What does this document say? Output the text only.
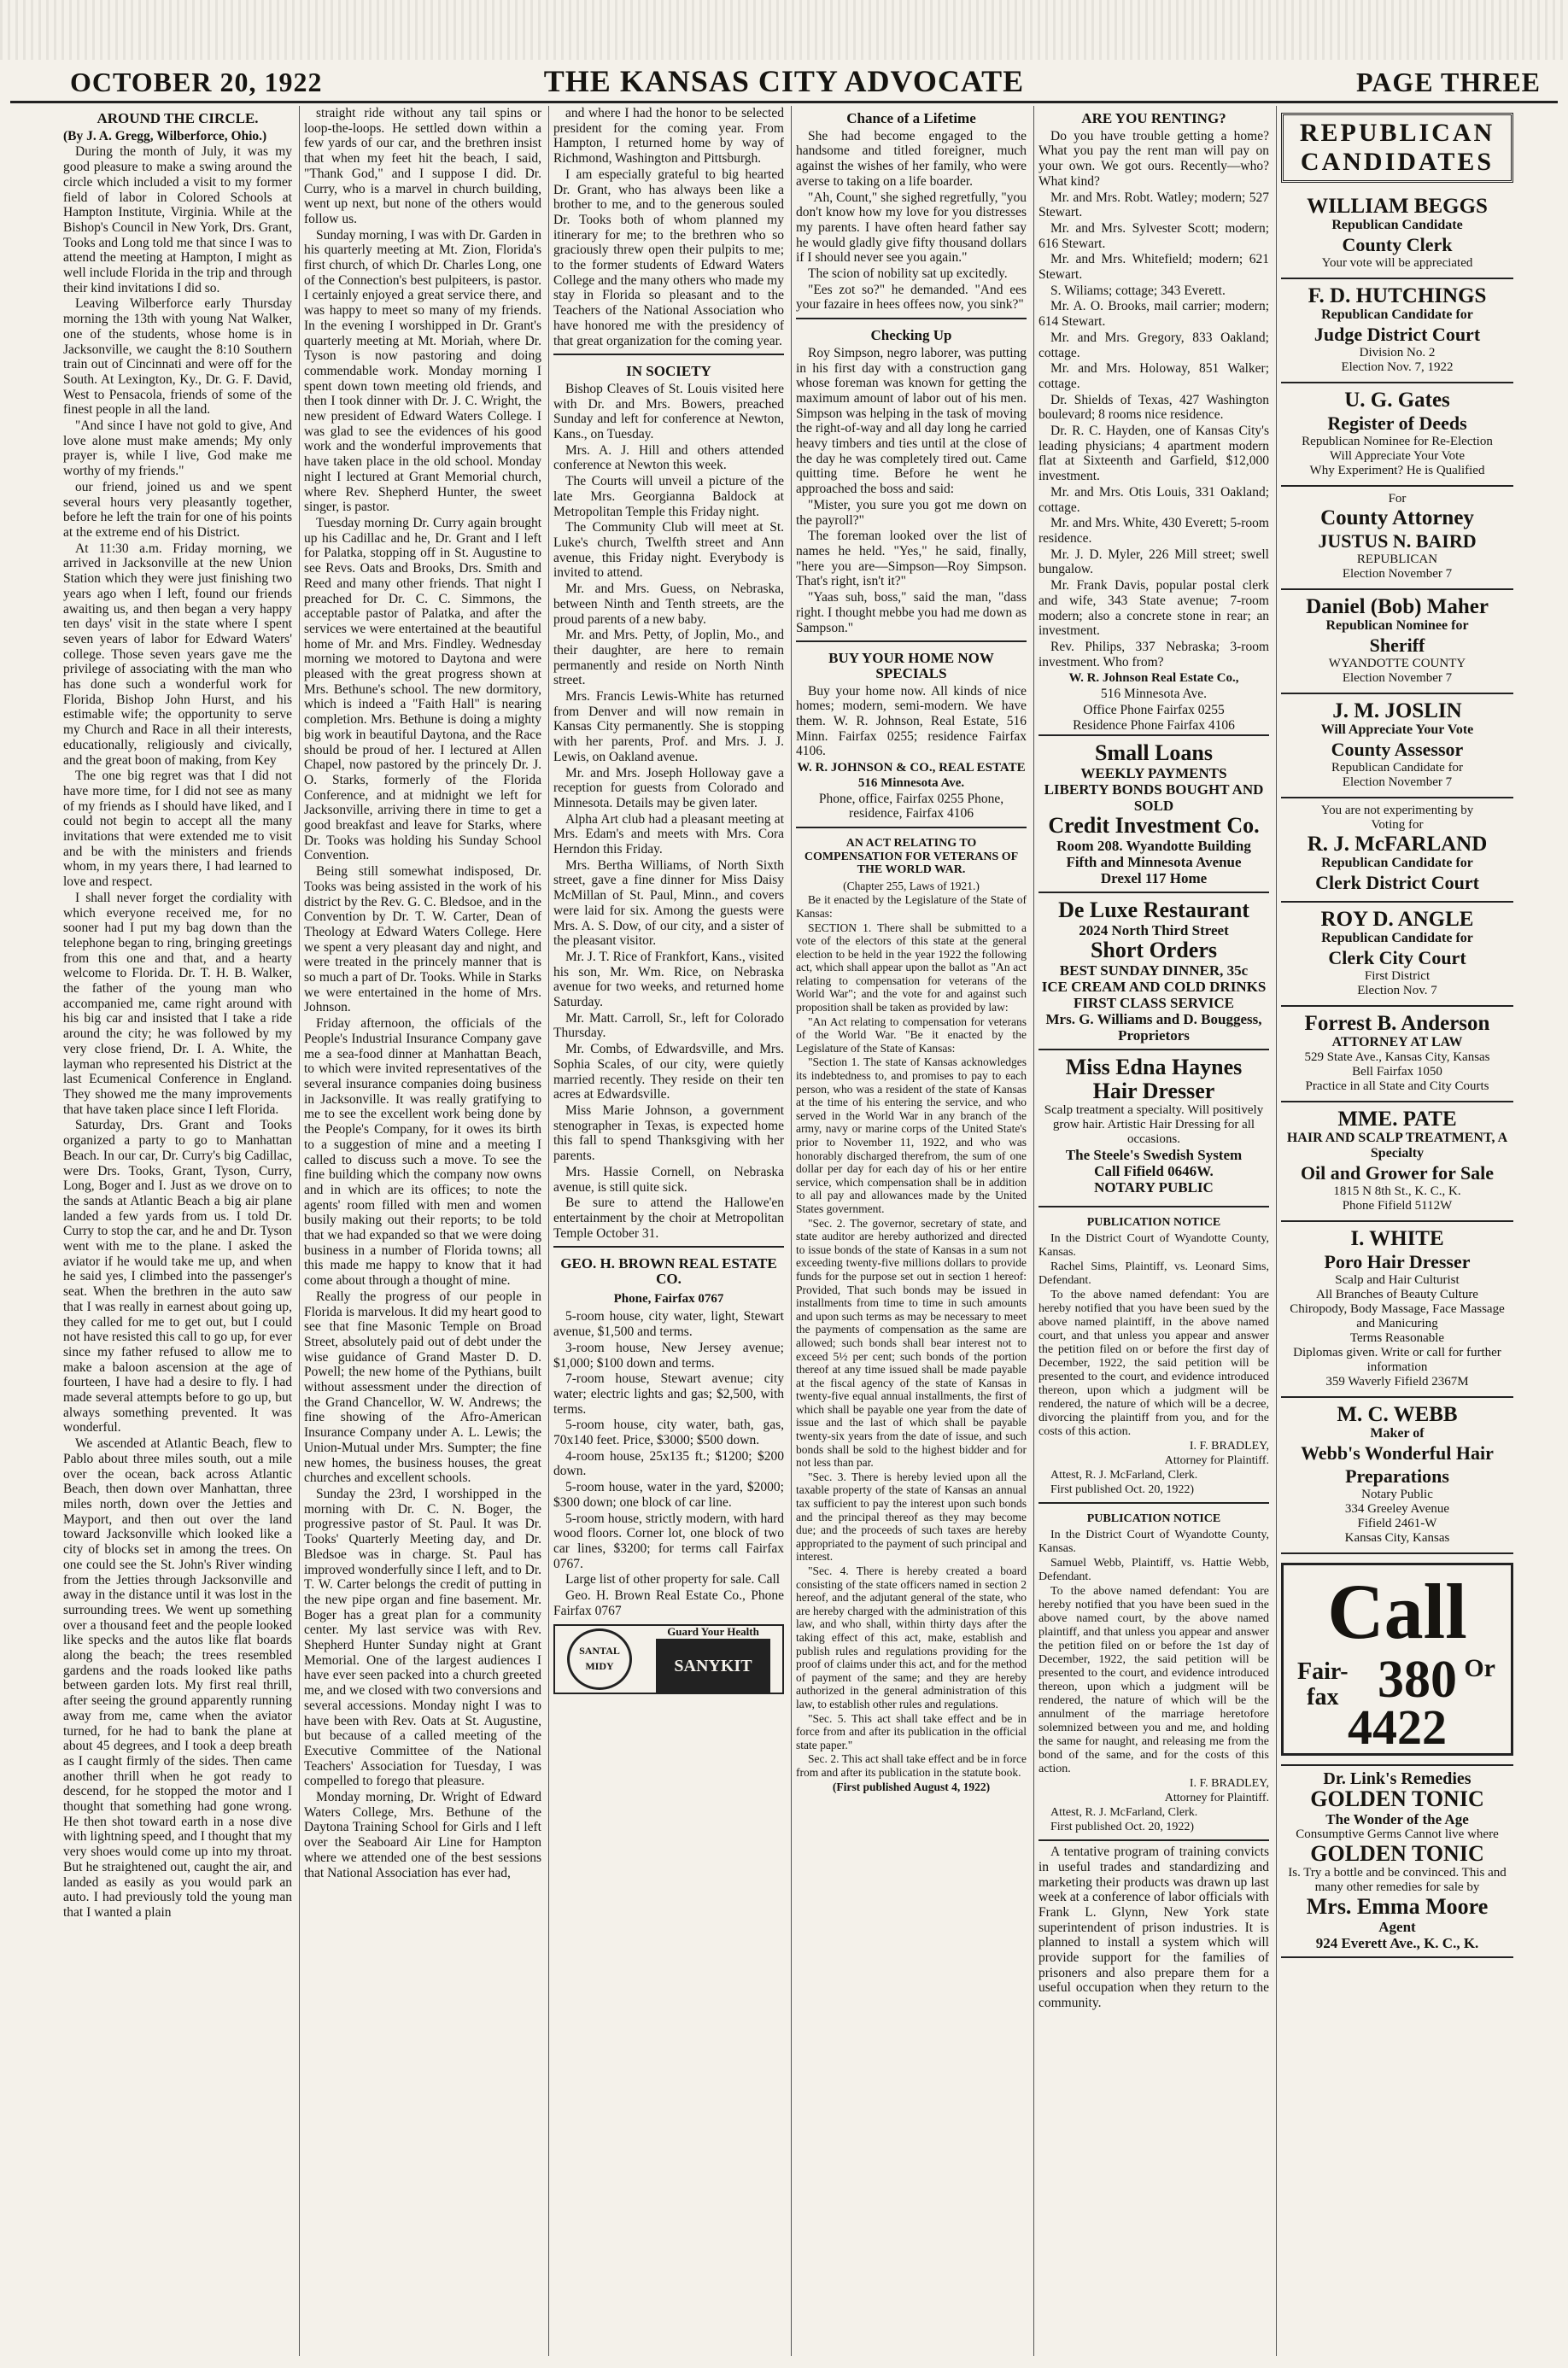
OCTOBER 20, 1922	THE KANSAS CITY ADVOCATE	PAGE THREE

AROUND THE CIRCLE.

(By J. A. Gregg, Wilberforce, Ohio.)

During the month of July, it was my good pleasure to make a swing around the circle which included a visit to my former field of labor in Colored Schools at Hampton Institute, Virginia. While at the Bishop's Council in New York, Drs. Grant, Tooks and Long told me that since I was to attend the meeting at Hampton, I might as well include Florida in the trip and through their kind invitations I did so.

Leaving Wilberforce early Thursday morning the 13th with young Nat Walker, one of the students, whose home is in Jacksonville, we caught the 8:10 Southern train out of Cincinnati and were off for the South. At Lexington, Ky., Dr. G. F. David, West to Pensacola, friends of some of the finest people in all the land.

"And since I have not gold to give, And love alone must make amends; My only prayer is, while I live, God make me worthy of my friends."

our friend, joined us and we spent several hours very pleasantly together, before he left the train for one of his points at the extreme end of his District.

At 11:30 a.m. Friday morning, we arrived in Jacksonville at the new Union Station which they were just finishing two years ago when I left, found our friends awaiting us, and then began a very happy ten days' visit in the state where I spent seven years of labor for Edward Waters' college. Those seven years gave me the privilege of associating with the man who has done such a wonderful work for Florida, Bishop John Hurst, and his estimable wife; the opportunity to serve my Church and Race in all their interests, educationally, religiously and civically, and the great boon of making, from Key

The one big regret was that I did not have more time, for I did not see as many of my friends as I should have liked, and I could not begin to accept all the many invitations that were extended me to visit and be with the ministers and friends whom, in my years there, I had learned to love and respect.

I shall never forget the cordiality with which everyone received me, for no sooner had I put my bag down than the telephone began to ring, bringing greetings from this one and that, and a hearty welcome to Florida. Dr. T. H. B. Walker, the father of the young man who accompanied me, came right around with his big car and insisted that I take a ride around the city; he was followed by my very close friend, Dr. I. A. White, the layman who represented his District at the last Ecumenical Conference in England. They showed me the many improvements that have taken place since I left Florida.

Saturday, Drs. Grant and Tooks organized a party to go to Manhattan Beach. In our car, Dr. Curry's big Cadillac, were Drs. Tooks, Grant, Tyson, Curry, Long, Boger and I. Just as we drove on to the sands at Atlantic Beach a big air plane landed a few yards from us. I told Dr. Curry to stop the car, and he and Dr. Tyson went with me to the plane. I asked the aviator if he would take me up, and when he said yes, I climbed into the passenger's seat. When the brethren in the auto saw that I was really in earnest about going up, they called for me to get out, but I could not have resisted this call to go up, for ever since my father refused to allow me to make a baloon ascension at the age of fourteen, I have had a desire to fly. I had made several attempts before to go up, but always something prevented. It was wonderful.

We ascended at Atlantic Beach, flew to Pablo about three miles south, out a mile over the ocean, back across Atlantic Beach, then down over Manhattan, three miles north, down over the Jetties and Mayport, and then out over the land toward Jacksonville which looked like a city of blocks set in among the trees. On one could see the St. John's River winding from the Jetties through Jacksonville and away in the distance until it was lost in the surrounding trees. We went up something over a thousand feet and the people looked like specks and the autos like flat boards along the beach; the trees resembled gardens and the roads looked like paths between garden lots. My first real thrill, after seeing the ground apparently running away from me, came when the aviator turned, for he had to bank the plane at about 45 degrees, and I took a deep breath as I caught firmly of the sides. Then came another thrill when he got ready to descend, for he stopped the motor and I thought that something had gone wrong. He then shot toward earth in a nose dive with lightning speed, and I thought that my very shoes would come up into my throat. But he straightened out, caught the air, and landed as easily as you would park an auto. I had previously told the young man that I wanted a plain

straight ride without any tail spins or loop-the-loops. He settled down within a few yards of our car, and the brethren insist that when my feet hit the beach, I said, "Thank God," and I suppose I did. Dr. Curry, who is a marvel in church building, went up next, but none of the others would follow us.

Sunday morning, I was with Dr. Garden in his quarterly meeting at Mt. Zion, Florida's first church, of which Dr. Charles Long, one of the Connection's best pulpiteers, is pastor. I certainly enjoyed a great service there, and was happy to meet so many of my friends. In the evening I worshipped in Dr. Grant's quarterly meeting at Mt. Moriah, where Dr. Tyson is now pastoring and doing commendable work. Monday morning I spent down town meeting old friends, and then I took dinner with Dr. J. C. Wright, the new president of Edward Waters College. I was glad to see the evidences of his good work and the wonderful improvements that have taken place in the old school. Monday night I lectured at Grant Memorial church, where Rev. Shepherd Hunter, the sweet singer, is pastor.

Tuesday morning Dr. Curry again brought up his Cadillac and he, Dr. Grant and I left for Palatka, stopping off in St. Augustine to see Revs. Oats and Brooks, Drs. Smith and Reed and many other friends. That night I preached for Dr. C. C. Simmons, the acceptable pastor of Palatka, and after the services we were entertained at the beautiful home of Mr. and Mrs. Findley. Wednesday morning we motored to Daytona and were pleased with the great progress shown at Mrs. Bethune's school. The new dormitory, which is indeed a "Faith Hall" is nearing completion. Mrs. Bethune is doing a mighty big work in beautiful Daytona, and the Race should be proud of her. I lectured at Allen Chapel, now pastored by the princely Dr. J. O. Starks, formerly of the Florida Conference, and at midnight we left for Jacksonville, arriving there in time to get a good breakfast and leave for Starks, where Dr. Tooks was holding his Sunday School Convention.

Being still somewhat indisposed, Dr. Tooks was being assisted in the work of his district by the Rev. G. C. Bledsoe, and in the Convention by Dr. T. W. Carter, Dean of Theology at Edward Waters College. Here we spent a very pleasant day and night, and were treated in the princely manner that is so much a part of Dr. Tooks. While in Starks we were entertained in the home of Mrs. Johnson.

Friday afternoon, the officials of the People's Industrial Insurance Company gave me a sea-food dinner at Manhattan Beach, to which were invited representatives of the several insurance companies doing business in Jacksonville. It was really gratifying to me to see the excellent work being done by the People's Company, for it owes its birth to a suggestion of mine and a meeting I called to discuss such a move. To see the fine building which the company now owns and in which are its offices; to note the agents' room filled with men and women busily making out their reports; to be told that we had expanded so that we were doing business in a number of Florida towns; all this made me happy to know that it had come about through a thought of mine.

Really the progress of our people in Florida is marvelous. It did my heart good to see that fine Masonic Temple on Broad Street, absolutely paid out of debt under the wise guidance of Grand Master D. D. Powell; the new home of the Pythians, built without assessment under the direction of the Grand Chancellor, W. W. Andrews; the fine showing of the Afro-American Insurance Company under A. L. Lewis; the Union-Mutual under Mrs. Sumpter; the fine new homes, the business houses, the great churches and excellent schools.

Sunday the 23rd, I worshipped in the morning with Dr. C. N. Boger, the progressive pastor of St. Paul. It was Dr. Tooks' Quarterly Meeting day, and Dr. Bledsoe was in charge. St. Paul has improved wonderfully since I left, and to Dr. T. W. Carter belongs the credit of putting in the new pipe organ and fine basement. Mr. Boger has a great plan for a community center. My last service was with Rev. Shepherd Hunter Sunday night at Grant Memorial. One of the largest audiences I have ever seen packed into a church greeted me, and we closed with two conversions and several accessions. Monday night I was to have been with Rev. Oats at St. Augustine, but because of a called meeting of the Executive Committee of the National Teachers' Association for Tuesday, I was compelled to forego that pleasure.

Monday morning, Dr. Wright of Edward Waters College, Mrs. Bethune of the Daytona Training School for Girls and I left over the Seaboard Air Line for Hampton where we attended one of the best sessions that National Association has ever had,

and where I had the honor to be selected president for the coming year. From Hampton, I returned home by way of Richmond, Washington and Pittsburgh.

I am especially grateful to big hearted Dr. Grant, who has always been like a brother to me, and to the generous souled Dr. Tooks both of whom planned my itinerary for me; to the brethren who so graciously threw open their pulpits to me; to the former students of Edward Waters College and the many others who made my stay in Florida so pleasant and to the Teachers of the National Association who have honored me with the presidency of that great organization for the coming year.

IN SOCIETY

Bishop Cleaves of St. Louis visited here with Dr. and Mrs. Bowers, preached Sunday and left for conference at Newton, Kans., on Tuesday.

Mrs. A. J. Hill and others attended conference at Newton this week.

The Courts will unveil a picture of the late Mrs. Georgianna Baldock at Metropolitan Temple this Friday night.

The Community Club will meet at St. Luke's church, Twelfth street and Ann avenue, this Friday night. Everybody is invited to attend.

Mr. and Mrs. Guess, on Nebraska, between Ninth and Tenth streets, are the proud parents of a new baby.

Mr. and Mrs. Petty, of Joplin, Mo., and their daughter, are here to remain permanently and reside on North Ninth street.

Mrs. Francis Lewis-White has returned from Denver and will now remain in Kansas City permanently. She is stopping with her parents, Prof. and Mrs. J. J. Lewis, on Oakland avenue.

Mr. and Mrs. Joseph Holloway gave a reception for guests from Colorado and Minnesota. Details may be given later.

Alpha Art club had a pleasant meeting at Mrs. Edam's and meets with Mrs. Cora Herndon this Friday.

Mrs. Bertha Williams, of North Sixth street, gave a fine dinner for Miss Daisy McMillan of St. Paul, Minn., and covers were laid for six. Among the guests were Mrs. A. S. Dow, of our city, and a sister of the pleasant visitor.

Mr. J. T. Rice of Frankfort, Kans., visited his son, Mr. Wm. Rice, on Nebraska avenue for two weeks, and returned home Saturday.

Mr. Matt. Carroll, Sr., left for Colorado Thursday.

Mr. Combs, of Edwardsville, and Mrs. Sophia Scales, of our city, were quietly married recently. They reside on their ten acres at Edwardsville.

Miss Marie Johnson, a government stenographer in Texas, is expected home this fall to spend Thanksgiving with her parents.

Mrs. Hassie Cornell, on Nebraska avenue, is still quite sick.

Be sure to attend the Hallowe'en entertainment by the choir at Metropolitan Temple October 31.

GEO. H. BROWN REAL ESTATE CO.

Phone, Fairfax 0767

5-room house, city water, light, Stewart avenue, $1,500 and terms.

3-room house, New Jersey avenue; $1,000; $100 down and terms.

7-room house, Stewart avenue; city water; electric lights and gas; $2,500, with terms.

5-room house, city water, bath, gas, 70x140 feet. Price, $3000; $500 down.

4-room house, 25x135 ft.; $1200; $200 down.

5-room house, water in the yard, $2000; $300 down; one block of car line.

5-room house, strictly modern, with hard wood floors. Corner lot, one block of two car lines, $3200; for terms call Fairfax 0767.

Large list of other property for sale. Call

Geo. H. Brown Real Estate Co., Phone Fairfax 0767

SANTAL MIDY
Guard Your Health
SANYKIT

Chance of a Lifetime

She had become engaged to the handsome and titled foreigner, much against the wishes of her family, who were averse to taking on a life boarder.

"Ah, Count," she sighed regretfully, "you don't know how my love for you distresses my parents. I have often heard father say he would gladly give fifty thousand dollars if I should never see you again."

The scion of nobility sat up excitedly.

"Ees zot so?" he demanded. "And ees your fazaire in hees offees now, you sink?"

Checking Up

Roy Simpson, negro laborer, was putting in his first day with a construction gang whose foreman was known for getting the maximum amount of labor out of his men. Simpson was helping in the task of moving the right-of-way and all day long he carried heavy timbers and ties until at the close of the day he was completely tired out. Came quitting time. Before he went he approached the boss and said:

"Mister, you sure you got me down on the payroll?"

The foreman looked over the list of names he held. "Yes," he said, finally, "here you are—Simpson—Roy Simpson. That's right, isn't it?"

"Yaas suh, boss," said the man, "dass right. I thought mebbe you had me down as Sampson."

BUY YOUR HOME NOW SPECIALS

Buy your home now. All kinds of nice homes; modern, semi-modern. We have them. W. R. Johnson, Real Estate, 516 Minn. Fairfax 0255; residence Fairfax 4106.

W. R. JOHNSON & CO., REAL ESTATE

516 Minnesota Ave.

Phone, office, Fairfax 0255 Phone, residence, Fairfax 4106

AN ACT RELATING TO COMPENSATION FOR VETERANS OF THE WORLD WAR.

(Chapter 255, Laws of 1921.)

Be it enacted by the Legislature of the State of Kansas:

SECTION 1. There shall be submitted to a vote of the electors of this state at the general election to be held in the year 1922 the following act, which shall appear upon the ballot as "An act relating to compensation for veterans of the World War"; and the vote for and against such proposition shall be taken as provided by law:

"An Act relating to compensation for veterans of the World War. "Be it enacted by the Legislature of the State of Kansas:

"Section 1. The state of Kansas acknowledges its indebtedness to, and promises to pay to each person, who was a resident of the state of Kansas at the time of his entering the service, and who served in the World War in any branch of the army, navy or marine corps of the United State's prior to November 11, 1922, and who was honorably discharged therefrom, the sum of one dollar per day for each day of his or her entire service, which compensation shall be in addition to all pay and allowances made by the United States government.

"Sec. 2. The governor, secretary of state, and state auditor are hereby authorized and directed to issue bonds of the state of Kansas in a sum not exceeding twenty-five millions dollars to provide funds for the purpose set out in section 1 hereof: Provided, That such bonds may be issued in installments from time to time in such amounts and upon such terms as may be necessary to meet the payments of compensation as the same are allowed; such bonds shall bear interest not to exceed 5½ per cent; such bonds of the portion thereof at any time issued shall be made payable at the fiscal agency of the state of Kansas in twenty-five equal annual installments, the first of which shall be payable one year from the date of issue and the last of which shall be payable twenty-six years from the date of issue, and such bonds shall be sold to the highest bidder and for not less than par.

"Sec. 3. There is hereby levied upon all the taxable property of the state of Kansas an annual tax sufficient to pay the interest upon such bonds and the principal thereof as they may become due; and the proceeds of such taxes are hereby appropriated to the payment of such principal and interest.

"Sec. 4. There is hereby created a board consisting of the state officers named in section 2 hereof, and the adjutant general of the state, who are hereby charged with the administration of this law, and who shall, within thirty days after the taking effect of this act, make, establish and publish rules and regulations providing for the proof of claims under this act, and for the method of payment of the same; and they are hereby authorized in the general administration of this law, to establish other rules and regulations.

"Sec. 5. This act shall take effect and be in force from and after its publication in the official state paper."

Sec. 2. This act shall take effect and be in force from and after its publication in the statute book.

(First published August 4, 1922)

ARE YOU RENTING?

Do you have trouble getting a home? What you pay the rent man will pay on your own. We got ours. Recently—who? What kind?

Mr. and Mrs. Robt. Watley; modern; 527 Stewart.

Mr. and Mrs. Sylvester Scott; modern; 616 Stewart.

Mr. and Mrs. Whitefield; modern; 621 Stewart.

S. Wiliams; cottage; 343 Everett.

Mr. A. O. Brooks, mail carrier; modern; 614 Stewart.

Mr. and Mrs. Gregory, 833 Oakland; cottage.

Mr. and Mrs. Holoway, 851 Walker; cottage.

Dr. Shields of Texas, 427 Washington boulevard; 8 rooms nice residence.

Dr. R. C. Hayden, one of Kansas City's leading physicians; 4 apartment modern flat at Sixteenth and Garfield, $12,000 investment.

Mr. and Mrs. Otis Louis, 331 Oakland; cottage.

Mr. and Mrs. White, 430 Everett; 5-room residence.

Mr. J. D. Myler, 226 Mill street; swell bungalow.

Mr. Frank Davis, popular postal clerk and wife, 343 State avenue; 7-room modern; also a concrete stone in rear; an investment.

Rev. Philips, 337 Nebraska; 3-room investment. Who from?

W. R. Johnson Real Estate Co.,

516 Minnesota Ave.

Office Phone Fairfax 0255

Residence Phone Fairfax 4106

Small Loans
WEEKLY PAYMENTS
LIBERTY BONDS BOUGHT AND SOLD
Credit Investment Co.
Room 208. Wyandotte Building
Fifth and Minnesota Avenue
Drexel 117 Home
De Luxe Restaurant
2024 North Third Street
Short Orders
BEST SUNDAY DINNER, 35c
ICE CREAM AND COLD DRINKS
FIRST CLASS SERVICE
Mrs. G. Williams and D. Bouggess, Proprietors
Miss Edna Haynes
Hair Dresser
Scalp treatment a specialty. Will positively grow hair. Artistic Hair Dressing for all occasions.
The Steele's Swedish System
Call Fifield 0646W.
NOTARY PUBLIC

PUBLICATION NOTICE

In the District Court of Wyandotte County, Kansas.

Rachel Sims, Plaintiff, vs. Leonard Sims, Defendant.

To the above named defendant: You are hereby notified that you have been sued by the above named plaintiff, in the above named court, and that unless you appear and answer the petition filed on or before the first day of December, 1922, the said petition will be presented to the court, and evidence introduced thereon, upon which a judgment will be rendered, the nature of which will be a decree, divorcing the plaintiff from you, and for the costs of this action.

I. F. BRADLEY,

Attorney for Plaintiff.

Attest, R. J. McFarland, Clerk.

First published Oct. 20, 1922)

PUBLICATION NOTICE

In the District Court of Wyandotte County, Kansas.

Samuel Webb, Plaintiff, vs. Hattie Webb, Defendant.

To the above named defendant: You are hereby notified that you have been sued in the above named court, by the above named plaintiff, and that unless you appear and answer the petition filed on or before the 1st day of December, 1922, the said petition will be presented to the court, and evidence introduced thereon, upon which a judgment will be rendered, the nature of which will be the annulment of the marriage heretofore solemnized between you and me, and holding the same for naught, and releasing me from the bond of the same, and for the costs of this action.

I. F. BRADLEY,

Attorney for Plaintiff.

Attest, R. J. McFarland, Clerk.

First published Oct. 20, 1922)

A tentative program of training convicts in useful trades and standardizing and marketing their products was drawn up last week at a conference of labor officials with Frank L. Glynn, New York state superintendent of prison industries. It is planned to install a system which will provide support for the families of prisoners and also prepare them for a useful occupation when they return to the community.

REPUBLICAN CANDIDATES
WILLIAM BEGGS
Republican Candidate
County Clerk
Your vote will be appreciated
F. D. HUTCHINGS
Republican Candidate for
Judge District Court
Division No. 2
Election Nov. 7, 1922
U. G. Gates
Register of Deeds
Republican Nominee for Re-Election
Will Appreciate Your Vote
Why Experiment? He is Qualified
For
County Attorney
JUSTUS N. BAIRD
REPUBLICAN
Election November 7
Daniel (Bob) Maher
Republican Nominee for
Sheriff
WYANDOTTE COUNTY
Election November 7
J. M. JOSLIN
Will Appreciate Your Vote
County Assessor
Republican Candidate for
Election November 7
You are not experimenting by
Voting for
R. J. McFARLAND
Republican Candidate for
Clerk District Court
ROY D. ANGLE
Republican Candidate for
Clerk City Court
First District
Election Nov. 7
Forrest B. Anderson
ATTORNEY AT LAW
529 State Ave., Kansas City, Kansas
Bell Fairfax 1050
Practice in all State and City Courts
MME. PATE
HAIR AND SCALP TREATMENT, A Specialty
Oil and Grower for Sale
1815 N 8th St., K. C., K.
Phone Fifield 5112W
I. WHITE
Poro Hair Dresser
Scalp and Hair Culturist
All Branches of Beauty Culture
Chiropody, Body Massage, Face Massage and Manicuring
Terms Reasonable
Diplomas given. Write or call for further information
359 Waverly Fifield 2367M
M. C. WEBB
Maker of
Webb's Wonderful Hair Preparations
Notary Public
334 Greeley Avenue
Fifield 2461-W
Kansas City, Kansas
Call
Fair-
fax 380 Or
4422
Dr. Link's Remedies
GOLDEN TONIC
The Wonder of the Age
Consumptive Germs Cannot live where
GOLDEN TONIC
Is. Try a bottle and be convinced. This and many other remedies for sale by
Mrs. Emma Moore
Agent
924 Everett Ave., K. C., K.
